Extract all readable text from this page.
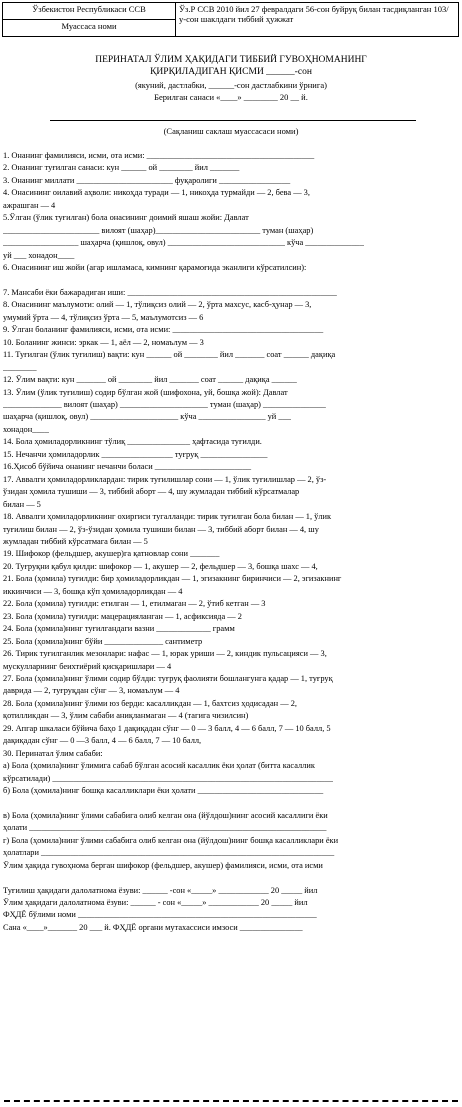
Ўзбекистон Республикаси ССВ	Ўз.Р ССВ 2010 йил 27 февралдаги 56-сон буйруқ билан тасдиқланган 103/у-сон шаклдаги тиббий ҳужжат
Муассаса номи
ПЕРИНАТАЛ ЎЛИМ ҲАҚИДАГИ ТИББИЙ ГУВОҲНОМАНИНГ
ҚИРҚИЛАДИГАН ҚИСМИ ______-сон
(якуний, дастлабки, ______-сон дастлабкини ўрнига)
Берилган санаси «____» ________ 20 __ й.
(Сақланиш саклаш муассасаси номи)
1. Онанинг фамилияси, исми, ота исми: ________________________________________
2. Онанинг туғилган санаси: кун ______ ой ________ йил _______
3. Онанинг миллати _______________________ фуқаролиги _________________
4. Онасининг оилавий аҳволи: никоҳда туради — 1, никоҳда турмайди — 2, бева — 3,
ажрашган — 4
5.Ўлган (ўлик туғилган) бола онасининг доимий яшаш жойи: Давлат
_______________________ вилоят (шаҳар)_________________________ туман (шаҳар)
__________________ шаҳарча (қишлоқ, овул) ____________________________ кўча ______________
уй ___ хонадон____
6. Онасининг иш жойи (агар ишламаса, кимнинг қарамоғида эканлиги кўрсатилсин):
7. Мансаби ёки бажарадиган иши: __________________________________________________
8. Онасининг маълумоти: олий — 1, тўлиқсиз олий — 2, ўрта махсус, касб-ҳунар — 3,
умумий ўрта — 4, тўлиқсиз ўрта — 5, маълумотсиз — 6
9. Ўлган боланинг фамилияси, исми, ота исми: ____________________________________
10. Боланинг жинси: эркак — 1, аёл — 2, номаълум — 3
11. Туғилган (ўлик туғилиш) вақти: кун ______ ой ________ йил _______ соат ______ дақиқа
________
12. Ўлим вақти: кун _______ ой ________ йил _______ соат ______ дақиқа ______
13. Ўлим (ўлик туғилиш) содир бўлган жой (шифохона, уй, бошқа жой): Давлат
______________ вилоят (шаҳар) _____________________ туман (шаҳар) _______________
шаҳарча (қишлоқ, овул) _____________________ кўча ________________ уй ___
хонадон____
14. Бола ҳомиладорликнинг тўлиқ _______________ ҳафтасида туғилди.
15. Нечанчи ҳомиладорлик _________________ туғруқ ________________
16.Ҳисоб бўйича онанинг нечанчи боласи _______________________
17. Аввалги ҳомиладорликлардан: тирик туғилишлар сони — 1, ўлик туғилишлар — 2, ўз-
ўзидан ҳомила тушиши — 3, тиббий аборт — 4, шу жумладан тиббий кўрсатмалар
билан — 5
18. Аввалги ҳомиладорликнинг охиргиси тугалланди: тирик туғилган бола билан — 1, ўлик
туғилиш билан — 2, ўз-ўзидан ҳомила тушиши билан — 3, тиббий аборт билан — 4, шу
жумладан тиббий кўрсатмага билан — 5
19. Шифокор (фельдшер, акушер)га қатновлар сони _______
20. Туғруқни қабул қилди: шифокор — 1, акушер — 2, фельдшер — 3, бошқа шахс — 4,
21. Бола (ҳомила) туғилди: бир ҳомиладорликдан — 1, эгизакнинг биринчиси — 2, эгизакнинг
иккинчиси — 3, бошқа кўп ҳомиладорликдан — 4
22. Бола (ҳомила) туғилди: етилган — 1, етилмаган — 2, ўтиб кетган — 3
23. Бола (ҳомила) туғилди: мацерацияланган — 1, асфиксияда — 2
24. Бола (ҳомила)нинг туғилгандаги вазни _____________ грамм
25. Бола (ҳомила)нинг бўйи ______________ сантиметр
26. Тирик туғилганлик мезонлари: нафас — 1, юрак уриши — 2, киндик пульсацияси — 3,
мускулларнинг беихтиёрий қисқаришлари — 4
27. Бола (ҳомила)нинг ўлими содир бўлди: туғруқ фаолияти бошлангунга қадар — 1, туғруқ
даврида — 2, туғруқдан сўнг — 3, номаълум — 4
28. Бола (ҳомила)нинг ўлими юз берди: касалликдан — 1, бахтсиз ҳодисадан — 2,
қотилликдан — 3, ўлим сабаби аниқланмаган — 4 (тагига чизилсин)
29. Апгар шкаласи бўйича баҳо 1 дақиқадан сўнг — 0 — 3 балл, 4 — 6 балл, 7 — 10 балл, 5
дақиқадан сўнг — 0 —3 балл, 4 — 6 балл, 7 — 10 балл,
30. Перинатал ўлим сабаби:
а) Бола (ҳомила)нинг ўлимига сабаб бўлган асосий касаллик ёки ҳолат (битта касаллик
кўрсатилади) ___________________________________________________________________
б) Бола (ҳомила)нинг бошқа касалликлари ёки ҳолати ______________________________
в) Бола (ҳомила)нинг ўлими сабабига олиб келган она (йўлдош)нинг асосий касаллиги ёки
ҳолати _______________________________________________________________________
г) Бола (ҳомила)нинг ўлими сабабига олиб келган она (йўлдош)нинг бошқа касалликлари ёки
ҳолатлари ______________________________________________________________________
Ўлим ҳақида гувоҳнома берган шифокор (фельдшер, акушер) фамилияси, исми, ота исми
Туғилиш ҳақидаги далолатнома ёзуви: ______ -сон «_____» ____________ 20 _____ йил
Ўлим ҳақидаги далолатнома ёзуви: ______ - сон «_____» ____________ 20 _____ йил
ФҲДЁ бўлими номи _________________________________________________________
Сана «____»_______ 20 ___ й. ФҲДЁ органи мутахассиси имзоси _______________
